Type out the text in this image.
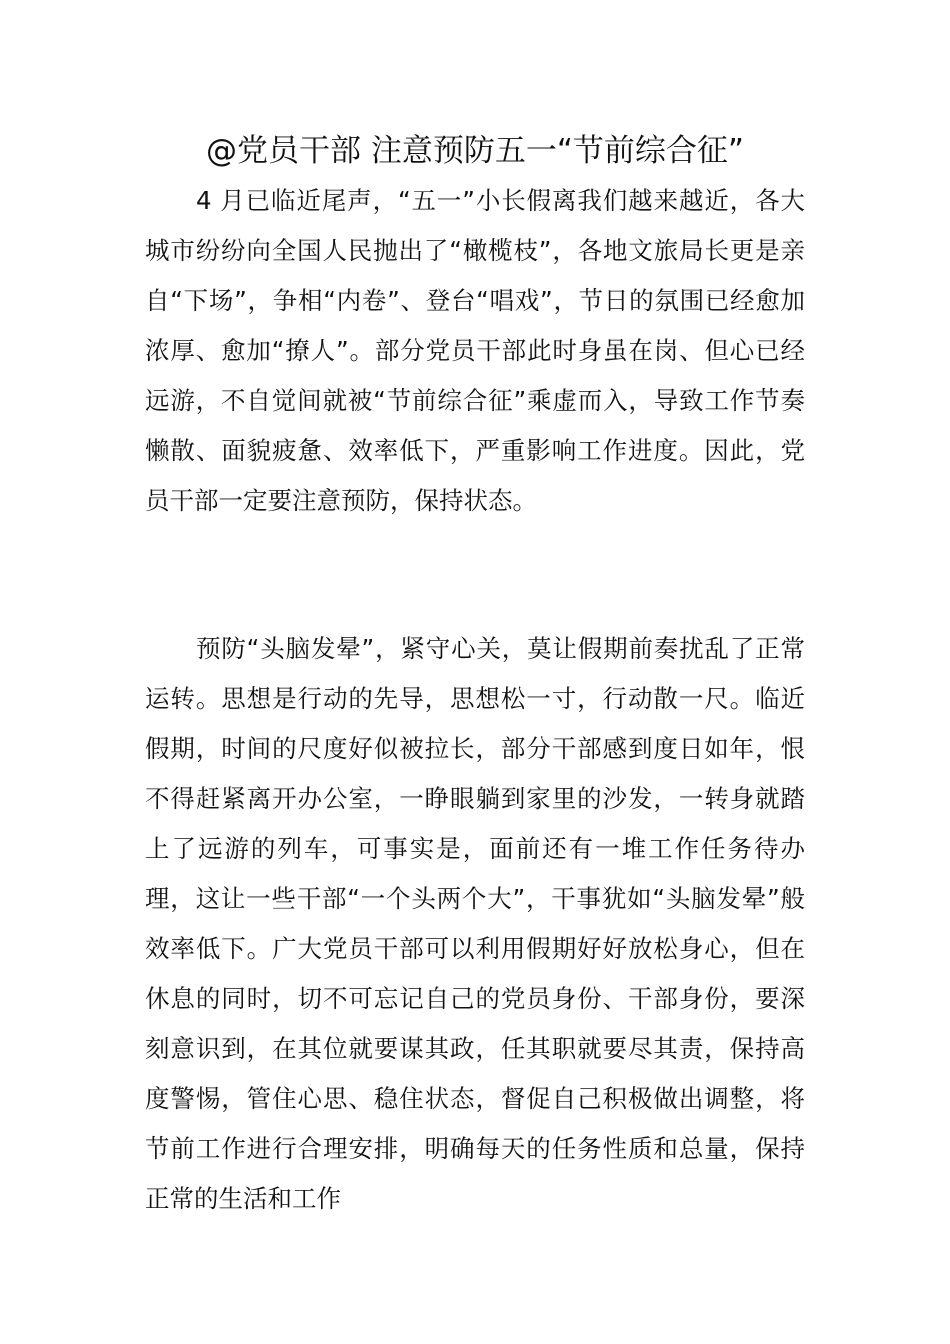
@党员干部 注意预防五一“节前综合征”

4 月已临近尾声，“五一”小长假离我们越来越近，各大城市纷纷向全国人民抛出了“橄榄枝”，各地文旅局长更是亲自“下场”，争相“内卷”、登台“唱戏”，节日的氛围已经愈加浓厚、愈加“撩人”。部分党员干部此时身虽在岗、但心已经远游，不自觉间就被“节前综合征”乘虚而入，导致工作节奏懒散、面貌疲惫、效率低下，严重影响工作进度。因此，党员干部一定要注意预防，保持状态。

预防“头脑发晕”，紧守心关，莫让假期前奏扰乱了正常运转。思想是行动的先导，思想松一寸，行动散一尺。临近假期，时间的尺度好似被拉长，部分干部感到度日如年，恨不得赶紧离开办公室，一睁眼躺到家里的沙发，一转身就踏上了远游的列车，可事实是，面前还有一堆工作任务待办理，这让一些干部“一个头两个大”，干事犹如“头脑发晕”般效率低下。广大党员干部可以利用假期好好放松身心，但在休息的同时，切不可忘记自己的党员身份、干部身份，要深刻意识到，在其位就要谋其政，任其职就要尽其责，保持高度警惕，管住心思、稳住状态，督促自己积极做出调整，将节前工作进行合理安排，明确每天的任务性质和总量，保持正常的生活和工作
